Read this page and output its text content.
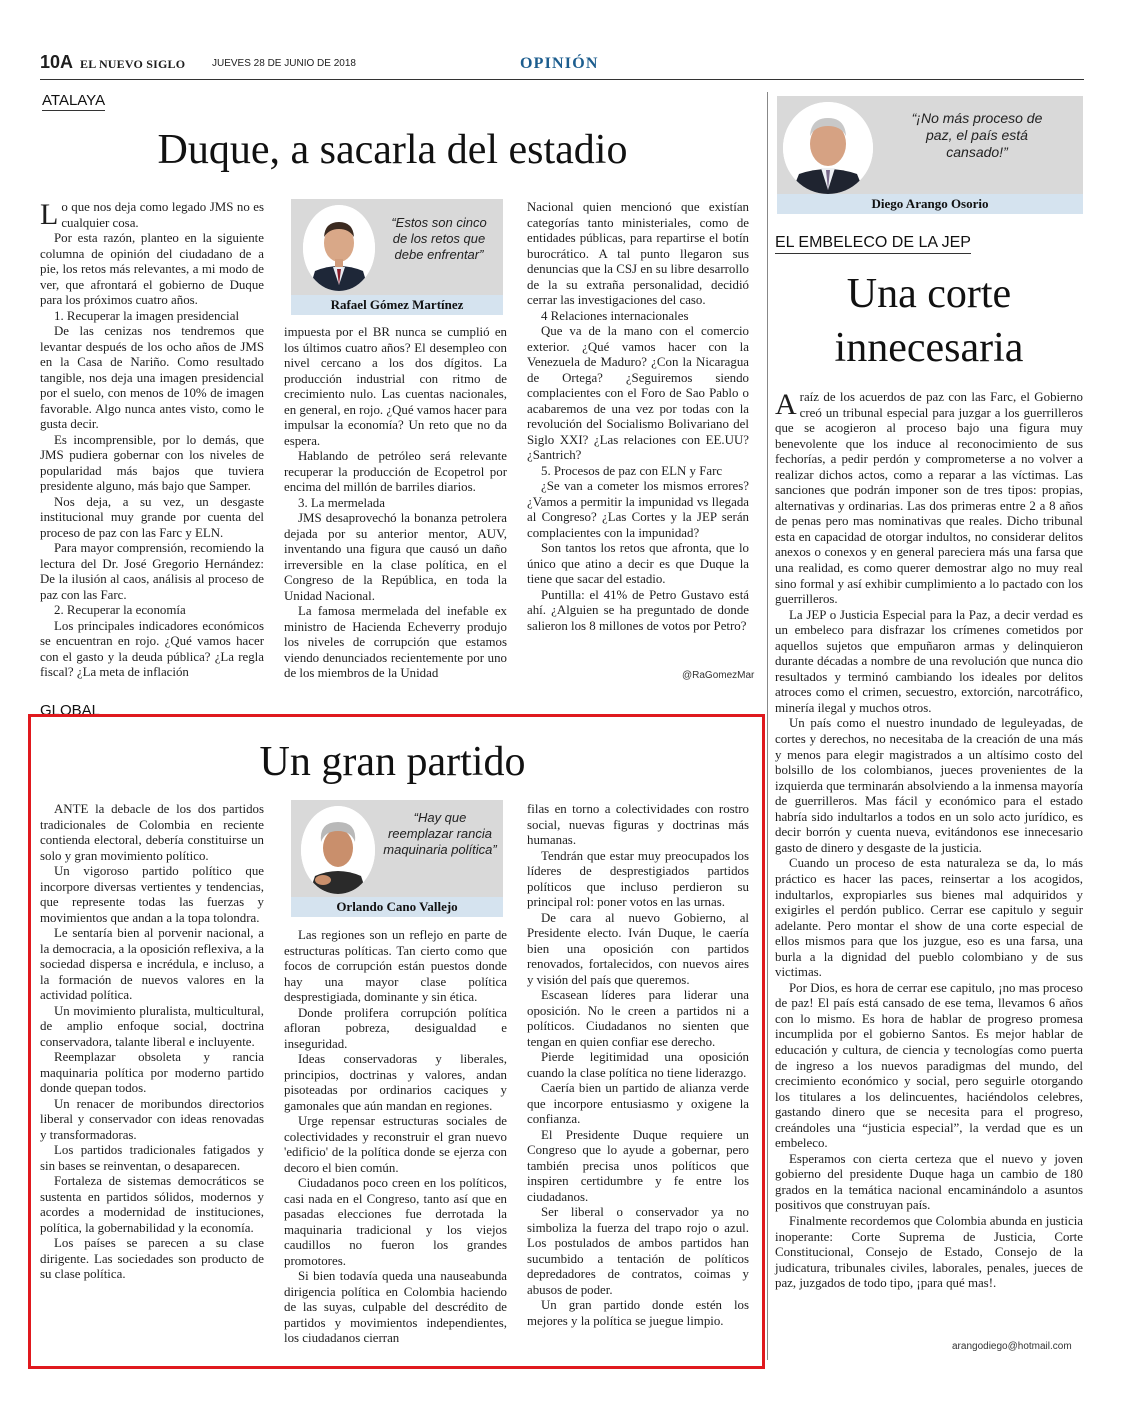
10A EL NUEVO SIGLO	JUEVES 28 DE JUNIO DE 2018	OPINIÓN
ATALAYA
Duque, a sacarla del estadio

Lo que nos deja como legado JMS no es cualquier cosa.

Por esta razón, planteo en la siguiente columna de opinión del ciudadano de a pie, los retos más relevantes, a mi modo de ver, que afrontará el gobierno de Duque para los próximos cuatro años.

1. Recuperar la imagen presidencial

De las cenizas nos tendremos que levantar después de los ocho años de JMS en la Casa de Nariño. Como resultado tangible, nos deja una imagen presidencial por el suelo, con menos de 10% de imagen favorable. Algo nunca antes visto, como le gusta decir.

Es incomprensible, por lo demás, que JMS pudiera gobernar con los niveles de popularidad más bajos que tuviera presidente alguno, más bajo que Samper.

Nos deja, a su vez, un desgaste institucional muy grande por cuenta del proceso de paz con las Farc y ELN.

Para mayor comprensión, recomiendo la lectura del Dr. José Gregorio Hernández: De la ilusión al caos, análisis al proceso de paz con las Farc.

2. Recuperar la economía

Los principales indicadores económicos se encuentran en rojo. ¿Qué vamos hacer con el gasto y la deuda pública? ¿La regla fiscal? ¿La meta de inflación

“Estos son cinco de los retos que debe enfrentar”
Rafael Gómez Martínez

impuesta por el BR nunca se cumplió en los últimos cuatro años? El desempleo con nivel cercano a los dos dígitos. La producción industrial con ritmo de crecimiento nulo. Las cuentas nacionales, en general, en rojo. ¿Qué vamos hacer para impulsar la economía? Un reto que no da espera.

Hablando de petróleo será relevante recuperar la producción de Ecopetrol por encima del millón de barriles diarios.

3. La mermelada

JMS desaprovechó la bonanza petrolera dejada por su anterior mentor, AUV, inventando una figura que causó un daño irreversible en la clase política, en el Congreso de la República, en toda la Unidad Nacional.

La famosa mermelada del inefable ex ministro de Hacienda Echeverry produjo los niveles de corrupción que estamos viendo denunciados recientemente por uno de los miembros de la Unidad

Nacional quien mencionó que existían categorías tanto ministeriales, como de entidades públicas, para repartirse el botín burocrático. A tal punto llegaron sus denuncias que la CSJ en su libre desarrollo de la su extraña personalidad, decidió cerrar las investigaciones del caso.

4 Relaciones internacionales

Que va de la mano con el comercio exterior. ¿Qué vamos hacer con la Venezuela de Maduro? ¿Con la Nicaragua de Ortega? ¿Seguiremos siendo complacientes con el Foro de Sao Pablo o acabaremos de una vez por todas con la revolución del Socialismo Bolivariano del Siglo XXI? ¿Las relaciones con EE.UU? ¿Santrich?

5. Procesos de paz con ELN y Farc

¿Se van a cometer los mismos errores? ¿Vamos a permitir la impunidad vs llegada al Congreso? ¿Las Cortes y la JEP serán complacientes con la impunidad?

Son tantos los retos que afronta, que lo único que atino a decir es que Duque la tiene que sacar del estadio.

Puntilla: el 41% de Petro Gustavo está ahí. ¿Alguien se ha preguntado de donde salieron los 8 millones de votos por Petro?

@RaGomezMar
GLOBAL
Un gran partido

ANTE la debacle de los dos partidos tradicionales de Colombia en reciente contienda electoral, debería constituirse un solo y gran movimiento político.

Un vigoroso partido político que incorpore diversas vertientes y tendencias, que represente todas las fuerzas y movimientos que andan a la topa tolondra.

Le sentaría bien al porvenir nacional, a la democracia, a la oposición reflexiva, a la sociedad dispersa e incrédula, e incluso, a la formación de nuevos valores en la actividad política.

Un movimiento pluralista, multicultural, de amplio enfoque social, doctrina conservadora, talante liberal e incluyente.

Reemplazar obsoleta y rancia maquinaria política por moderno partido donde quepan todos.

Un renacer de moribundos directorios liberal y conservador con ideas renovadas y transformadoras.

Los partidos tradicionales fatigados y sin bases se reinventan, o desaparecen.

Fortaleza de sistemas democráticos se sustenta en partidos sólidos, modernos y acordes a modernidad de instituciones, política, la gobernabilidad y la economía.

Los países se parecen a su clase dirigente. Las sociedades son producto de su clase política.

“Hay que reemplazar rancia maquinaria política”
Orlando Cano Vallejo

Las regiones son un reflejo en parte de estructuras políticas. Tan cierto como que focos de corrupción están puestos donde hay una mayor clase política desprestigiada, dominante y sin ética.

Donde prolifera corrupción política afloran pobreza, desigualdad e inseguridad.

Ideas conservadoras y liberales, principios, doctrinas y valores, andan pisoteadas por ordinarios caciques y gamonales que aún mandan en regiones.

Urge repensar estructuras sociales de colectividades y reconstruir el gran nuevo 'edificio' de la política donde se ejerza con decoro el bien común.

Ciudadanos poco creen en los políticos, casi nada en el Congreso, tanto así que en pasadas elecciones fue derrotada la maquinaria tradicional y los viejos caudillos no fueron los grandes promotores.

Si bien todavía queda una nauseabunda dirigencia política en Colombia haciendo de las suyas, culpable del descrédito de partidos y movimientos independientes, los ciudadanos cierran

filas en torno a colectividades con rostro social, nuevas figuras y doctrinas más humanas.

Tendrán que estar muy preocupados los líderes de desprestigiados partidos políticos que incluso perdieron su principal rol: poner votos en las urnas.

De cara al nuevo Gobierno, al Presidente electo. Iván Duque, le caería bien una oposición con partidos renovados, fortalecidos, con nuevos aires y visión del país que queremos.

Escasean líderes para liderar una oposición. No le creen a partidos ni a políticos. Ciudadanos no sienten que tengan en quien confiar ese derecho.

Pierde legitimidad una oposición cuando la clase política no tiene liderazgo.

Caería bien un partido de alianza verde que incorpore entusiasmo y oxigene la confianza.

El Presidente Duque requiere un Congreso que lo ayude a gobernar, pero también precisa unos políticos que inspiren certidumbre y fe entre los ciudadanos.

Ser liberal o conservador ya no simboliza la fuerza del trapo rojo o azul. Los postulados de ambos partidos han sucumbido a tentación de políticos depredadores de contratos, coimas y abusos de poder.

Un gran partido donde estén los mejores y la política se juegue limpio.

“¡No más proceso de paz, el país está cansado!”
Diego Arango Osorio
EL EMBELECO DE LA JEP
Una corte
innecesaria

Araíz de los acuerdos de paz con las Farc, el Gobierno creó un tribunal especial para juzgar a los guerrilleros que se acogieron al proceso bajo una figura muy benevolente que los induce al reconocimiento de sus fechorías, a pedir perdón y comprometerse a no volver a realizar dichos actos, como a reparar a las víctimas. Las sanciones que podrán imponer son de tres tipos: propias, alternativas y ordinarias. Las dos primeras entre 2 a 8 años de penas pero mas nominativas que reales. Dicho tribunal esta en capacidad de otorgar indultos, no considerar delitos anexos o conexos y en general pareciera más una farsa que una realidad, es como querer demostrar algo no muy real sino formal y así exhibir cumplimiento a lo pactado con los guerrilleros.

La JEP o Justicia Especial para la Paz, a decir verdad es un embeleco para disfrazar los crímenes cometidos por aquellos sujetos que empuñaron armas y delinquieron durante décadas a nombre de una revolución que nunca dio resultados y terminó cambiando los ideales por delitos atroces como el crimen, secuestro, extorción, narcotráfico, minería ilegal y muchos otros.

Un país como el nuestro inundado de leguleyadas, de cortes y derechos, no necesitaba de la creación de una más y menos para elegir magistrados a un altísimo costo del bolsillo de los colombianos, jueces provenientes de la izquierda que terminarán absolviendo a la inmensa mayoría de guerrilleros. Mas fácil y económico para el estado habría sido indultarlos a todos en un solo acto jurídico, es decir borrón y cuenta nueva, evitándonos ese innecesario gasto de dinero y desgaste de la justicia.

Cuando un proceso de esta naturaleza se da, lo más práctico es hacer las paces, reinsertar a los acogidos, indultarlos, expropiarles sus bienes mal adquiridos y exigirles el perdón publico. Cerrar ese capitulo y seguir adelante. Pero montar el show de una corte especial de ellos mismos para que los juzgue, eso es una farsa, una burla a la dignidad del pueblo colombiano y de sus victimas.

Por Dios, es hora de cerrar ese capitulo, ¡no mas proceso de paz! El país está cansado de ese tema, llevamos 6 años con lo mismo. Es hora de hablar de progreso promesa incumplida por el gobierno Santos. Es mejor hablar de educación y cultura, de ciencia y tecnologías como puerta de ingreso a los nuevos paradigmas del mundo, del crecimiento económico y social, pero seguirle otorgando los titulares a los delincuentes, haciéndolos celebres, gastando dinero que se necesita para el progreso, creándoles una “justicia especial”, la verdad que es un embeleco.

Esperamos con cierta certeza que el nuevo y joven gobierno del presidente Duque haga un cambio de 180 grados en la temática nacional encaminándolo a asuntos positivos que construyan país.

Finalmente recordemos que Colombia abunda en justicia inoperante: Corte Suprema de Justicia, Corte Constitucional, Consejo de Estado, Consejo de la judicatura, tribunales civiles, laborales, penales, jueces de paz, juzgados de todo tipo, ¡para qué mas!.

arangodiego@hotmail.com
